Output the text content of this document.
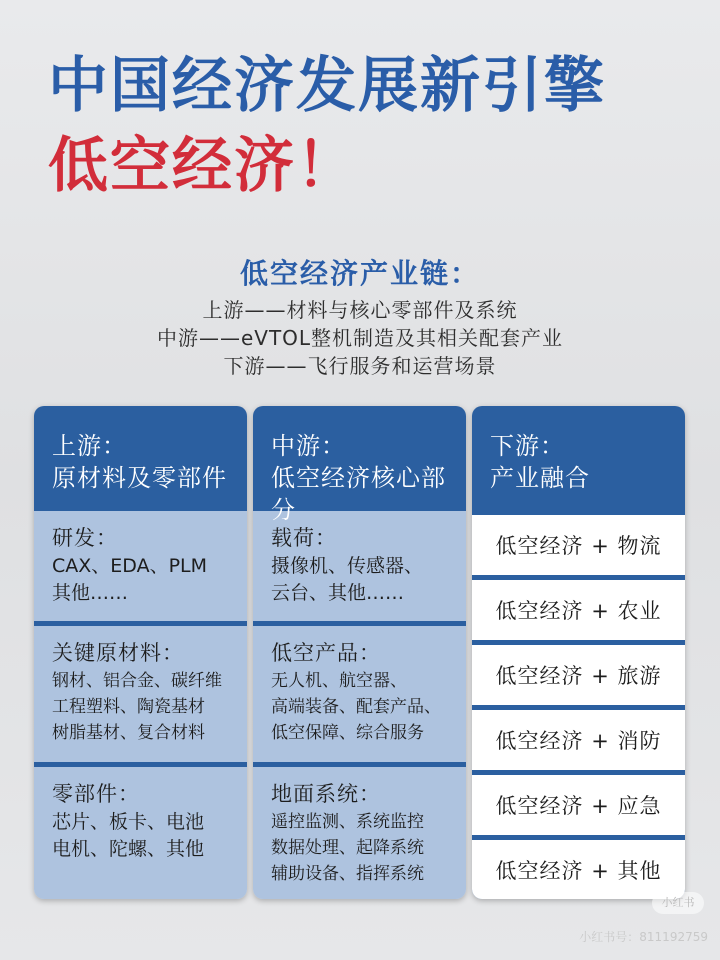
中国经济发展新引擎
低空经济！
低空经济产业链：
上游——材料与核心零部件及系统
中游——eVTOL整机制造及其相关配套产业
下游——飞行服务和运营场景
上游：
原材料及零部件
研发：
CAX、EDA、PLM
其他……
关键原材料：
钢材、铝合金、碳纤维
工程塑料、陶瓷基材
树脂基材、复合材料
零部件：
芯片、板卡、电池
电机、陀螺、其他
中游：
低空经济核心部分
载荷：
摄像机、传感器、
云台、其他……
低空产品：
无人机、航空器、
高端装备、配套产品、
低空保障、综合服务
地面系统：
遥控监测、系统监控
数据处理、起降系统
辅助设备、指挥系统
下游：
产业融合
低空经济 + 物流
低空经济 + 农业
低空经济 + 旅游
低空经济 + 消防
低空经济 + 应急
低空经济 + 其他
小红书
小红书号：811192759
